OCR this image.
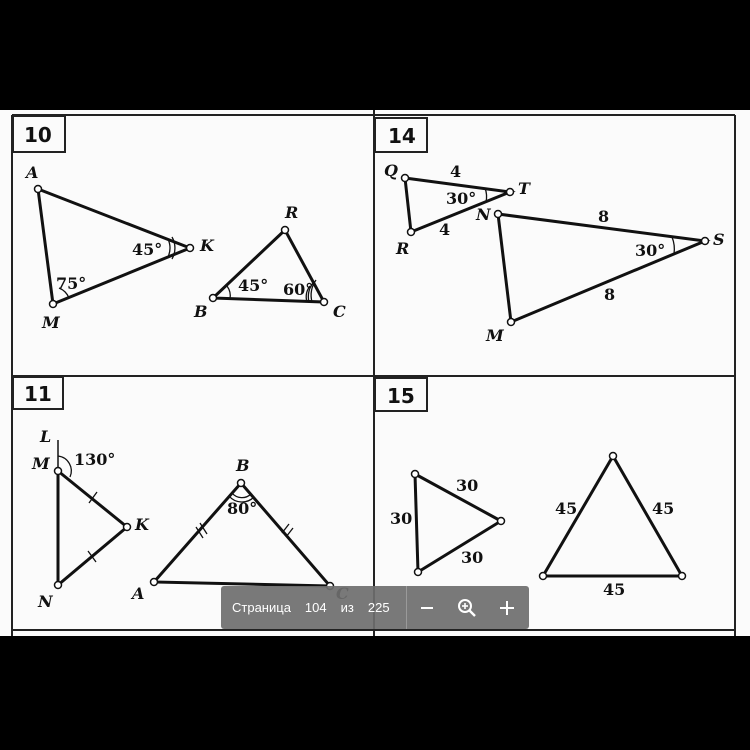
10	14
11	15
A
K
M
45°
75°
R
B	C
45° 60°
Q
T
R
4
4
30°
N
S
M
8
8
30°
L
M
K
N
130°	B
A
80°
30
30
30
45	45
45
Страница 104 из 225
